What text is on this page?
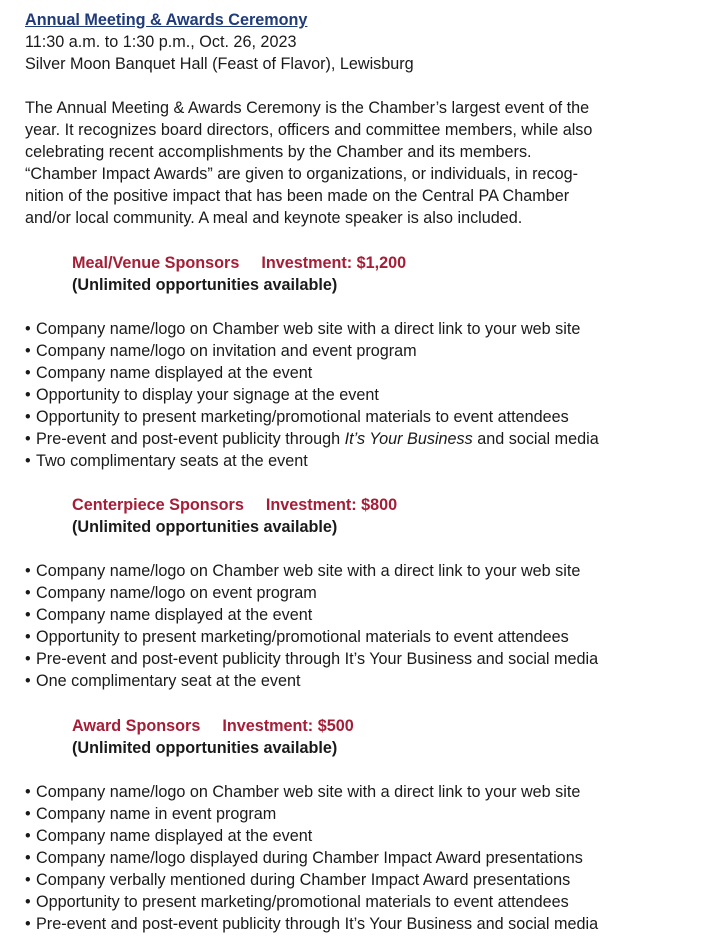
Annual Meeting & Awards Ceremony
11:30 a.m. to 1:30 p.m., Oct. 26, 2023
Silver Moon Banquet Hall (Feast of Flavor), Lewisburg
The Annual Meeting & Awards Ceremony is the Chamber’s largest event of the
year. It recognizes board directors, officers and committee members, while also
celebrating recent accomplishments by the Chamber and its members.
“Chamber Impact Awards” are given to organizations, or individuals, in recog-
nition of the positive impact that has been made on the Central PA Chamber
and/or local community. A meal and keynote speaker is also included.
Meal/Venue Sponsors Investment: $1,200
(Unlimited opportunities available)
• Company name/logo on Chamber web site with a direct link to your web site
• Company name/logo on invitation and event program
• Company name displayed at the event
• Opportunity to display your signage at the event
• Opportunity to present marketing/promotional materials to event attendees
• Pre-event and post-event publicity through It’s Your Business and social media
• Two complimentary seats at the event
Centerpiece Sponsors Investment: $800
(Unlimited opportunities available)
• Company name/logo on Chamber web site with a direct link to your web site
• Company name/logo on event program
• Company name displayed at the event
• Opportunity to present marketing/promotional materials to event attendees
• Pre-event and post-event publicity through It’s Your Business and social media
• One complimentary seat at the event
Award Sponsors Investment: $500
(Unlimited opportunities available)
• Company name/logo on Chamber web site with a direct link to your web site
• Company name in event program
• Company name displayed at the event
• Company name/logo displayed during Chamber Impact Award presentations
• Company verbally mentioned during Chamber Impact Award presentations
• Opportunity to present marketing/promotional materials to event attendees
• Pre-event and post-event publicity through It’s Your Business and social media
